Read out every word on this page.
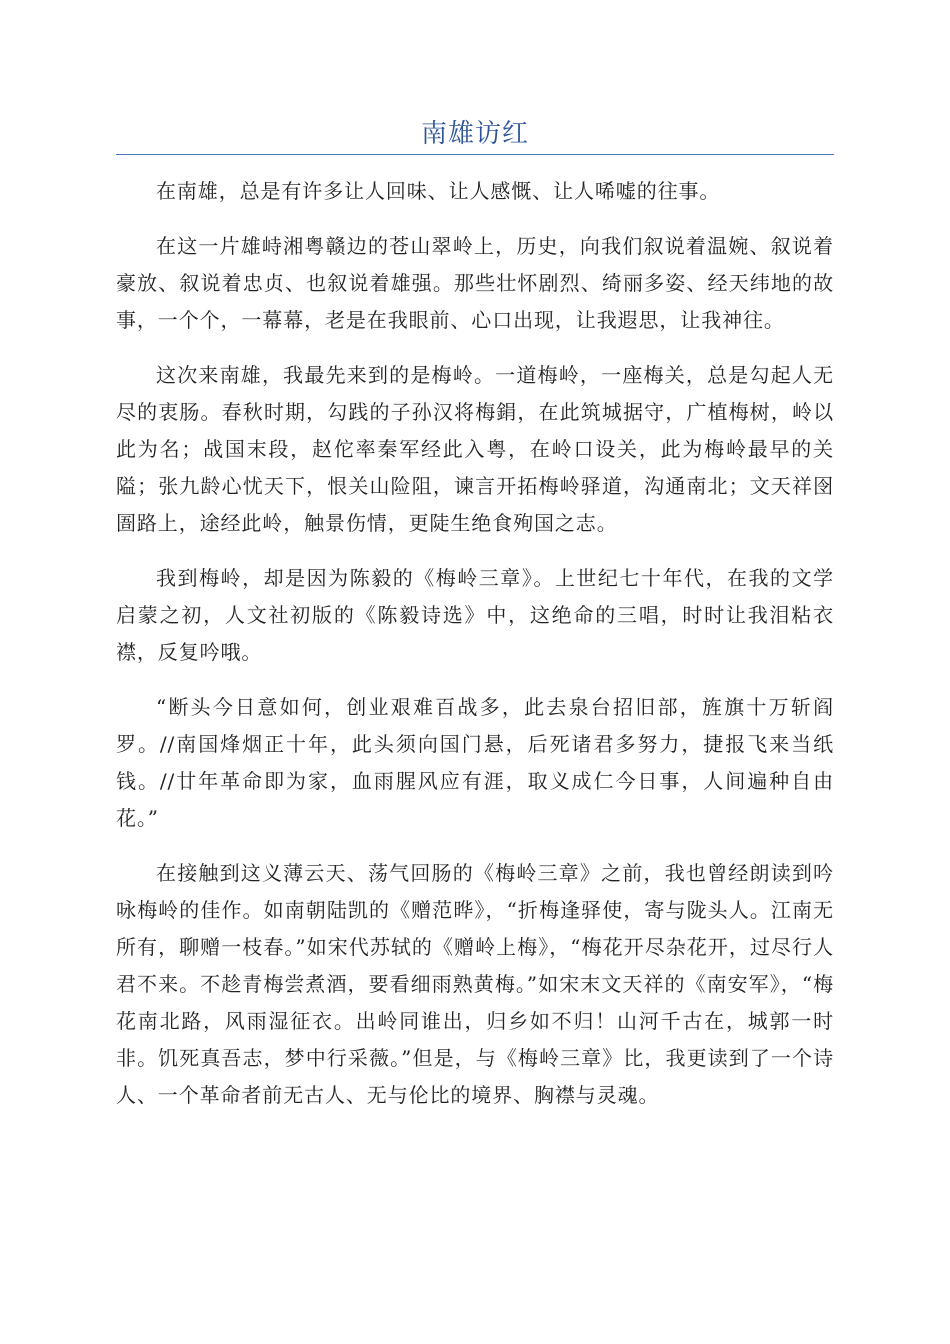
南雄访红

在南雄，总是有许多让人回味、让人感慨、让人唏嘘的往事。

在这一片雄峙湘粤赣边的苍山翠岭上，历史，向我们叙说着温婉、叙说着豪放、叙说着忠贞、也叙说着雄强。那些壮怀剧烈、绮丽多姿、经天纬地的故事，一个个，一幕幕，老是在我眼前、心口出现，让我遐思，让我神往。

这次来南雄，我最先来到的是梅岭。一道梅岭，一座梅关，总是勾起人无尽的衷肠。春秋时期，勾践的子孙汉将梅鋗，在此筑城据守，广植梅树，岭以此为名；战国末段，赵佗率秦军经此入粤，在岭口设关，此为梅岭最早的关隘；张九龄心忧天下，恨关山险阻，谏言开拓梅岭驿道，沟通南北；文天祥囹圄路上，途经此岭，触景伤情，更陡生绝食殉国之志。

我到梅岭，却是因为陈毅的《梅岭三章》。上世纪七十年代，在我的文学启蒙之初，人文社初版的《陈毅诗选》中，这绝命的三唱，时时让我泪粘衣襟，反复吟哦。

“断头今日意如何，创业艰难百战多，此去泉台招旧部，旌旗十万斩阎罗。//南国烽烟正十年，此头须向国门悬，后死诸君多努力，捷报飞来当纸钱。//廿年革命即为家，血雨腥风应有涯，取义成仁今日事，人间遍种自由花。”

在接触到这义薄云天、荡气回肠的《梅岭三章》之前，我也曾经朗读到吟咏梅岭的佳作。如南朝陆凯的《赠范晔》，“折梅逢驿使，寄与陇头人。江南无所有，聊赠一枝春。”如宋代苏轼的《赠岭上梅》，“梅花开尽杂花开，过尽行人君不来。不趁青梅尝煮酒，要看细雨熟黄梅。”如宋末文天祥的《南安军》，“梅花南北路，风雨湿征衣。出岭同谁出，归乡如不归！山河千古在，城郭一时非。饥死真吾志，梦中行采薇。”但是，与《梅岭三章》比，我更读到了一个诗人、一个革命者前无古人、无与伦比的境界、胸襟与灵魂。
